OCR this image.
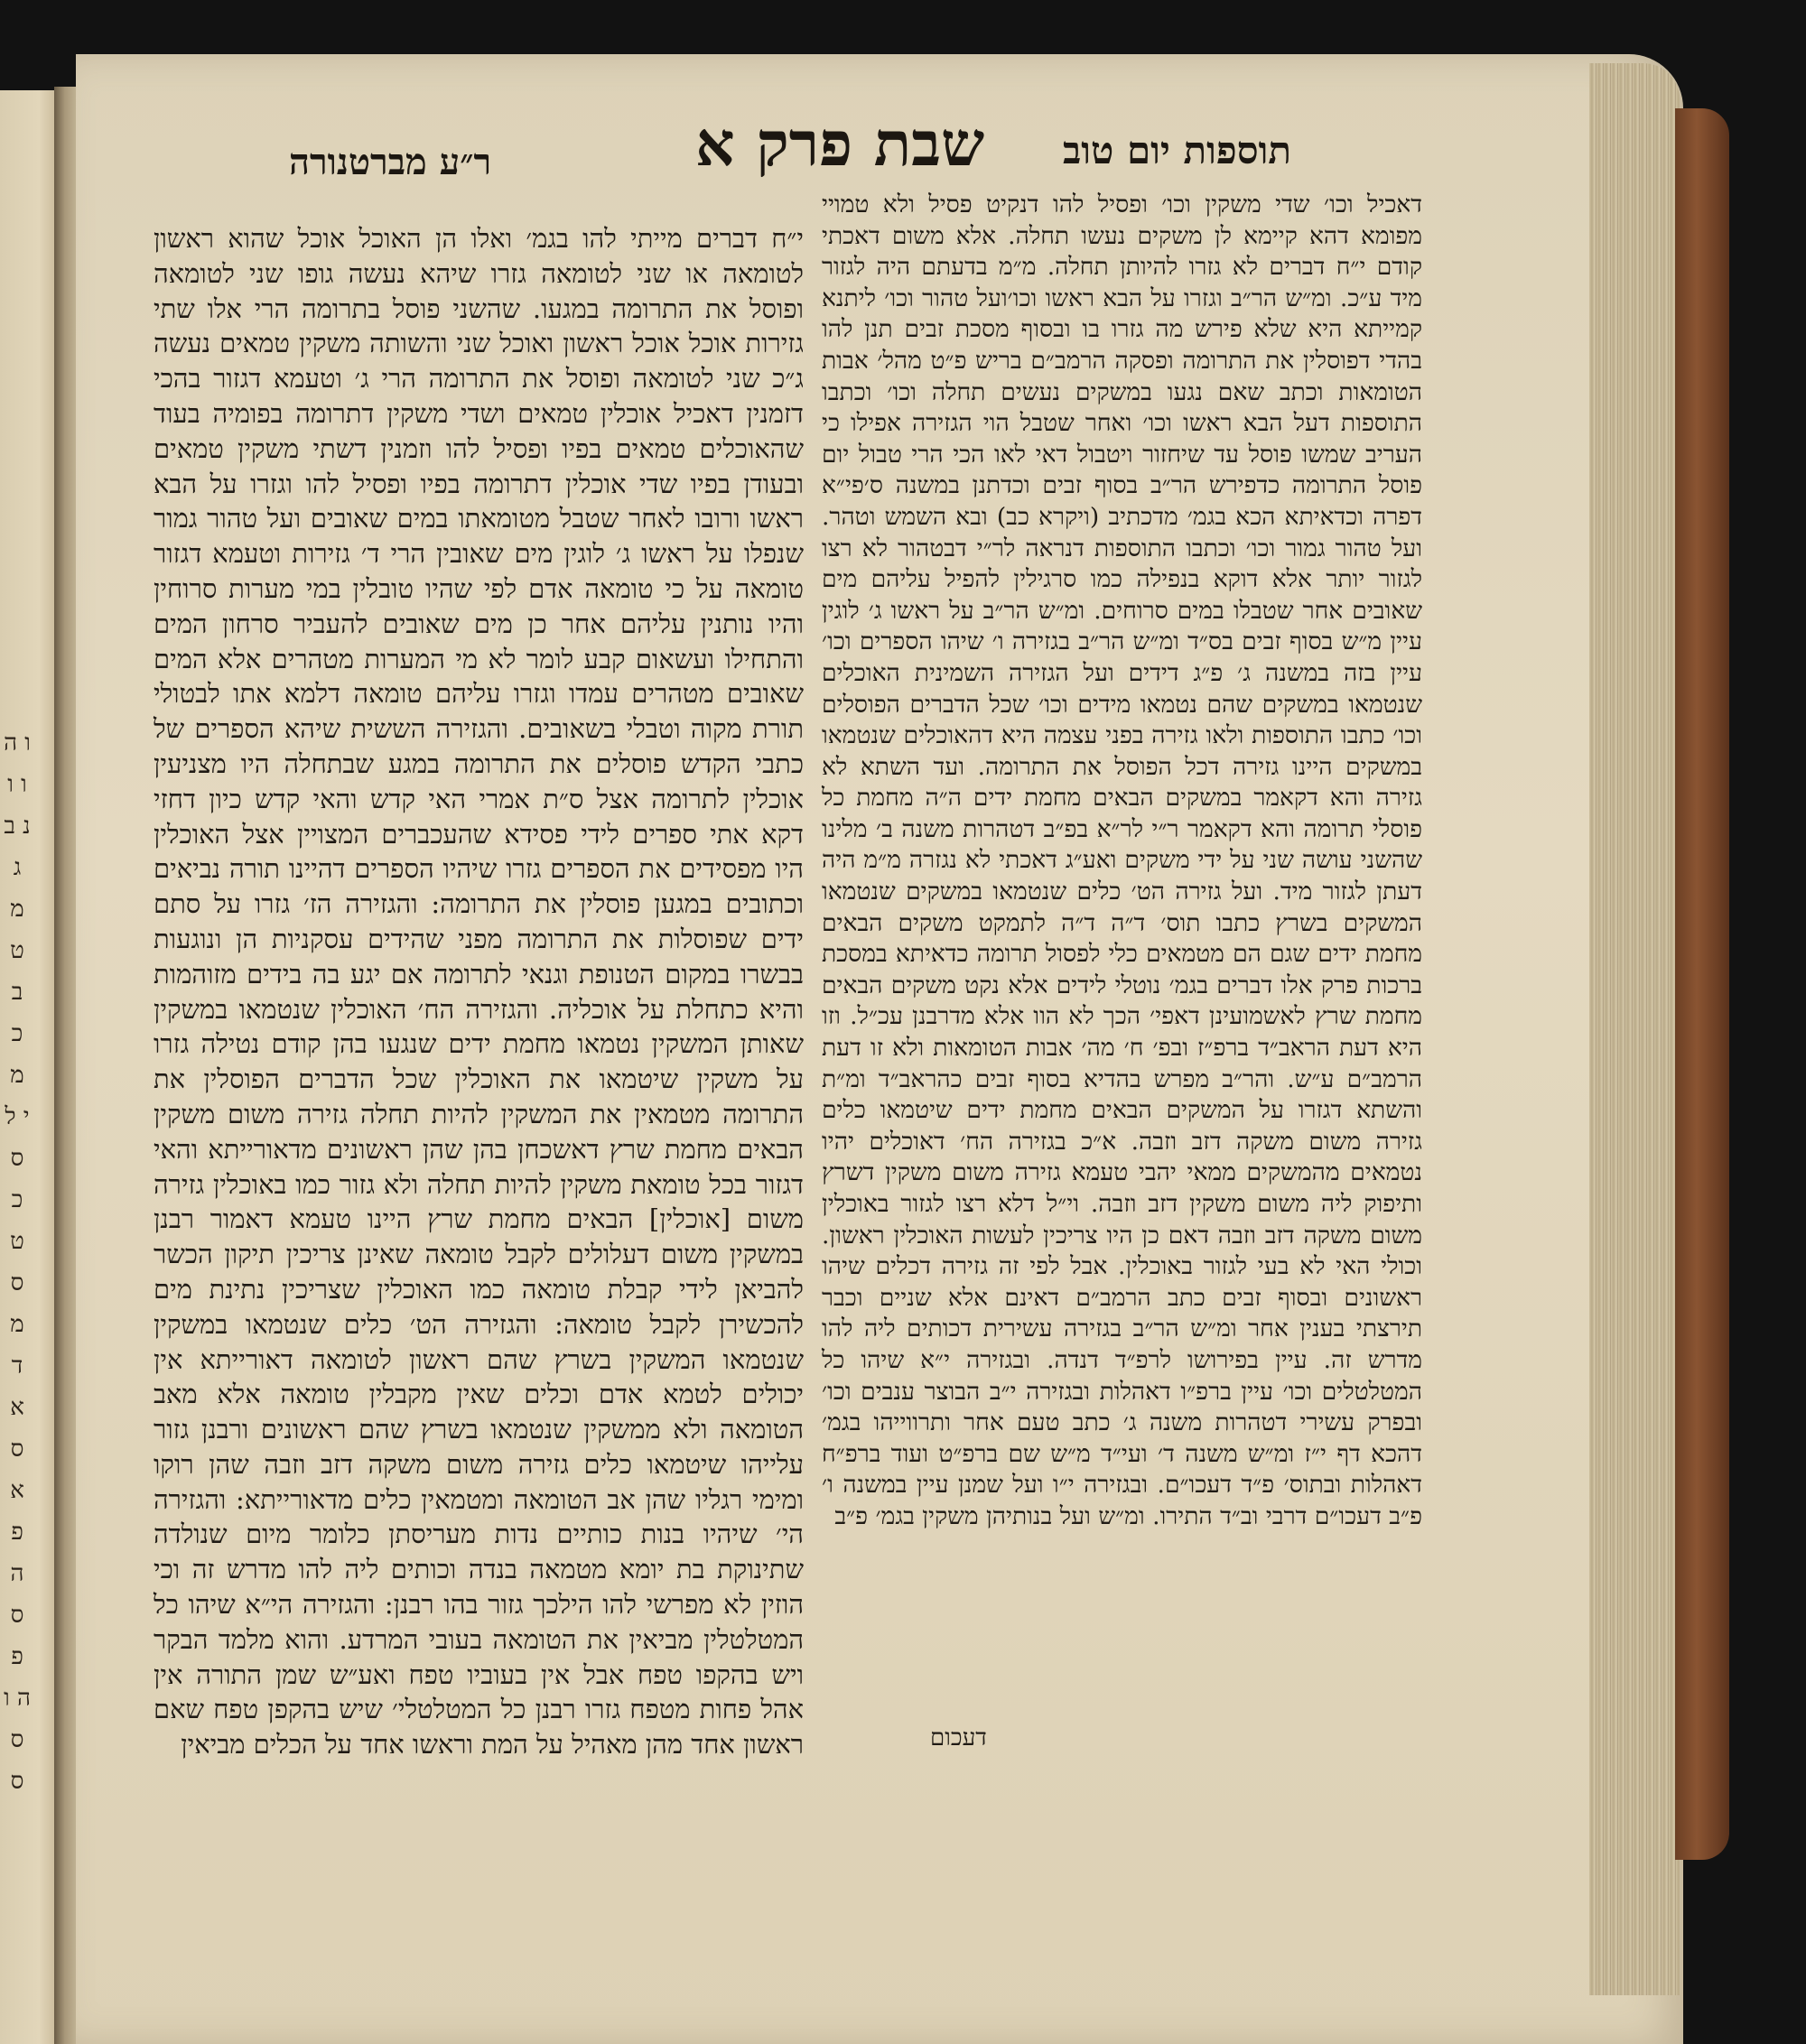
ו ה ו ו נ ב ג מ ט ב כ מ י ל ס כ ט ס מ ד א ס א פ ה ס פ ה ו ס ס
תוספות יום טוב
שבת פרק א
ר״ע מברטנורה
דאכיל וכו׳ שדי משקין וכו׳ ופסיל להו דנקיט פסיל ולא טמויי מפומא דהא קיימא לן משקים נעשו תחלה. אלא משום דאכתי קודם י״ח דברים לא גזרו להיותן תחלה. מ״מ בדעתם היה לגזור מיד ע״כ. ומ״ש הר״ב וגזרו על הבא ראשו וכו׳ועל טהור וכו׳ ליתנא קמייתא היא שלא פירש מה גזרו בו ובסוף מסכת זבים תנן להו בהדי דפוסלין את התרומה ופסקה הרמב״ם בריש פ״ט מהל׳ אבות הטומאות וכתב שאם נגעו במשקים נעשים תחלה וכו׳ וכתבו התוספות דעל הבא ראשו וכו׳ ואחר שטבל הוי הגזירה אפילו כי העריב שמשו פוסל עד שיחזור ויטבול דאי לאו הכי הרי טבול יום פוסל התרומה כדפירש הר״ב בסוף זבים וכדתנן במשנה ס׳פי״א דפרה וכדאיתא הכא בגמ׳ מדכתיב (ויקרא כב) ובא השמש וטהר. ועל טהור גמור וכו׳ וכתבו התוספות דנראה לר״י דבטהור לא רצו לגזור יותר אלא דוקא בנפילה כמו סרגילין להפיל עליהם מים שאובים אחר שטבלו במים סרוחים. ומ״ש הר״ב על ראשו ג׳ לוגין עיין מ״ש בסוף זבים בס״ד ומ״ש הר״ב בגזירה ו׳ שיהו הספרים וכו׳ עיין בזה במשנה ג׳ פ״ג דידים ועל הגזירה השמינית האוכלים שנטמאו במשקים שהם נטמאו מידים וכו׳ שכל הדברים הפוסלים וכו׳ כתבו התוספות ולאו גזירה בפני עצמה היא דהאוכלים שנטמאו במשקים היינו גזירה דכל הפוסל את התרומה. ועד השתא לא גזירה והא דקאמר במשקים הבאים מחמת ידים ה״ה מחמת כל פוסלי תרומה והא דקאמר ר״י לר״א בפ״ב דטהרות משנה ב׳ מלינו שהשני עושה שני על ידי משקים ואע״ג דאכתי לא נגזרה מ״מ היה דעתן לגזור מיד. ועל גזירה הט׳ כלים שנטמאו במשקים שנטמאו המשקים בשרץ כתבו תוס׳ ד״ה ד״ה לתמקט משקים הבאים מחמת ידים שגם הם מטמאים כלי לפסול תרומה כדאיתא במסכת ברכות פרק אלו דברים בגמ׳ נוטלי לידים אלא נקט משקים הבאים מחמת שרץ לאשמועינן דאפי׳ הכך לא הוו אלא מדרבנן עכ״ל. וזו היא דעת הראב״ד ברפ״ז ובפ׳ ח׳ מה׳ אבות הטומאות ולא זו דעת הרמב״ם ע״ש. והר״ב מפרש בהדיא בסוף זבים כהראב״ד ומ״ת והשתא דגזרו על המשקים הבאים מחמת ידים שיטמאו כלים גזירה משום משקה דזב וזבה. א״כ בגזירה הח׳ דאוכלים יהיו נטמאים מהמשקים ממאי יהבי טעמא גזירה משום משקין דשרץ ותיפוק ליה משום משקין דזב וזבה. וי״ל דלא רצו לגזור באוכלין משום משקה דזב וזבה דאם כן היו צריכין לעשות האוכלין ראשון. וכולי האי לא בעי לגזור באוכלין. אבל לפי זה גזירה דכלים שיהו ראשונים ובסוף זבים כתב הרמב״ם דאינם אלא שניים וכבר תירצתי בענין אחר ומ״ש הר״ב בגזירה עשירית דכותים ליה להו מדרש זה. עיין בפירושו לרפ״ד דנדה. ובגזירה י״א שיהו כל המטלטלים וכו׳ עיין ברפ״ו דאהלות ובגזירה י״ב הבוצר ענבים וכו׳ ובפרק עשירי דטהרות משנה ג׳ כתב טעם אחר ותרווייהו בגמ׳ דהכא דף י״ז ומ״ש משנה ד׳ ועי״ד מ״ש שם ברפ״ט ועוד ברפ״ח דאהלות ובתוס׳ פ״ד דעכו״ם. ובגזירה י״ו ועל שמנן עיין במשנה ו׳ פ״ב דעכו״ם דרבי וב״ד התירו. ומ״ש ועל בנותיהן משקין בגמ׳ פ״ב
דעכום
י״ח דברים מייתי להו בגמ׳ ואלו הן האוכל אוכל שהוא ראשון לטומאה או שני לטומאה גזרו שיהא נעשה גופו שני לטומאה ופוסל את התרומה במגעו. שהשני פוסל בתרומה הרי אלו שתי גזירות אוכל אוכל ראשון ואוכל שני והשותה משקין טמאים נעשה ג״כ שני לטומאה ופוסל את התרומה הרי ג׳ וטעמא דגזור בהכי דזמנין דאכיל אוכלין טמאים ושדי משקין דתרומה בפומיה בעוד שהאוכלים טמאים בפיו ופסיל להו וזמנין דשתי משקין טמאים ובעודן בפיו שדי אוכלין דתרומה בפיו ופסיל להו וגזרו על הבא ראשו ורובו לאחר שטבל מטומאתו במים שאובים ועל טהור גמור שנפלו על ראשו ג׳ לוגין מים שאובין הרי ד׳ גזירות וטעמא דגזור טומאה על כי טומאה אדם לפי שהיו טובלין במי מערות סרוחין והיו נותנין עליהם אחר כן מים שאובים להעביר סרחון המים והתחילו ועשאום קבע לומר לא מי המערות מטהרים אלא המים שאובים מטהרים עמדו וגזרו עליהם טומאה דלמא אתו לבטולי תורת מקוה וטבלי בשאובים. והגזירה הששית שיהא הספרים של כתבי הקדש פוסלים את התרומה במגע שבתחלה היו מצניעין אוכלין לתרומה אצל ס״ת אמרי האי קדש והאי קדש כיון דחזי דקא אתי ספרים לידי פסידא שהעכברים המצויין אצל האוכלין היו מפסידים את הספרים גזרו שיהיו הספרים דהיינו תורה נביאים וכתובים במגען פוסלין את התרומה: והגזירה הז׳ גזרו על סתם ידים שפוסלות את התרומה מפני שהידים עסקניות הן ונוגעות בבשרו במקום הטנופת וגנאי לתרומה אם יגע בה בידים מזוהמות והיא כתחלת על אוכליה. והגזירה הח׳ האוכלין שנטמאו במשקין שאותן המשקין נטמאו מחמת ידים שנגעו בהן קודם נטילה גזרו על משקין שיטמאו את האוכלין שכל הדברים הפוסלין את התרומה מטמאין את המשקין להיות תחלה גזירה משום משקין הבאים מחמת שרץ דאשכחן בהן שהן ראשונים מדאורייתא והאי דגזור בכל טומאת משקין להיות תחלה ולא גזור כמו באוכלין גזירה משום [אוכלין] הבאים מחמת שרץ היינו טעמא דאמור רבנן במשקין משום דעלולים לקבל טומאה שאינן צריכין תיקון הכשר להביאן לידי קבלת טומאה כמו האוכלין שצריכין נתינת מים להכשירן לקבל טומאה: והגזירה הט׳ כלים שנטמאו במשקין שנטמאו המשקין בשרץ שהם ראשון לטומאה דאורייתא אין יכולים לטמא אדם וכלים שאין מקבלין טומאה אלא מאב הטומאה ולא ממשקין שנטמאו בשרץ שהם ראשונים ורבנן גזור עלייהו שיטמאו כלים גזירה משום משקה דזב וזבה שהן רוקו ומימי רגליו שהן אב הטומאה ומטמאין כלים מדאורייתא: והגזירה הי׳ שיהיו בנות כותיים נדות מעריסתן כלומר מיום שנולדה שתינוקת בת יומא מטמאה בנדה וכותים ליה להו מדרש זה וכי הוזין לא מפרשי להו הילכך גזור בהו רבנן: והגזירה הי״א שיהו כל המטלטלין מביאין את הטומאה בעובי המרדע. והוא מלמד הבקר ויש בהקפו טפח אבל אין בעוביו טפח ואע״ש שמן התורה אין אהל פחות מטפח גזרו רבנן כל המטלטלי׳ שיש בהקפן טפח שאם ראשון אחד מהן מאהיל על המת וראשו אחד על הכלים מביאין
